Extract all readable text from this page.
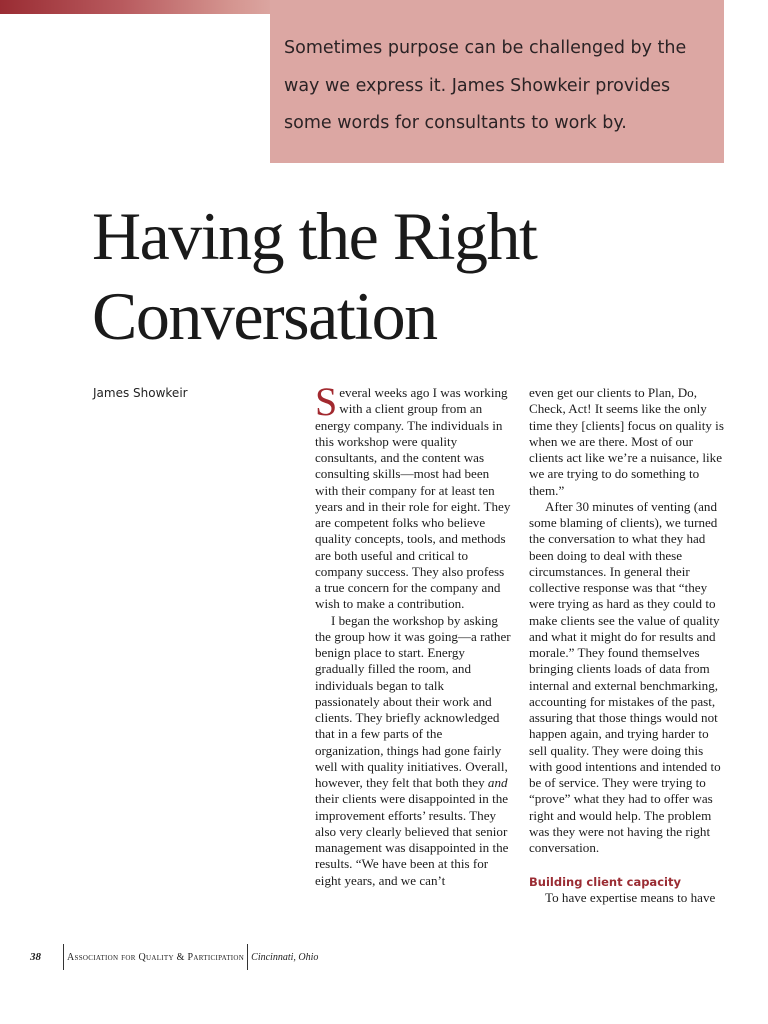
Sometimes purpose can be challenged by the way we express it. James Showkeir provides some words for consultants to work by.

Having the Right Conversation
James Showkeir	Several weeks ago I was working with a client group from an energy company. The individuals in this workshop were quality consultants, and the content was consulting skills—most had been with their company for at least ten years and in their role for eight. They are competent folks who believe quality concepts, tools, and methods are both useful and critical to company success. They also profess a true concern for the company and wish to make a contribution.

I began the workshop by asking the group how it was going—a rather benign place to start. Energy gradually filled the room, and individuals began to talk passionately about their work and clients. They briefly acknowledged that in a few parts of the organization, things had gone fairly well with quality initiatives. Overall, however, they felt that both they and their clients were disappointed in the improvement efforts’ results. They also very clearly believed that senior management was disappointed in the results. “We have been at this for eight years, and we can’t

even get our clients to Plan, Do, Check, Act! It seems like the only time they [clients] focus on quality is when we are there. Most of our clients act like we’re a nuisance, like we are trying to do something to them.”

After 30 minutes of venting (and some blaming of clients), we turned the conversation to what they had been doing to deal with these circumstances. In general their collective response was that “they were trying as hard as they could to make clients see the value of quality and what it might do for results and morale.” They found themselves bringing clients loads of data from internal and external benchmarking, accounting for mistakes of the past, assuring that those things would not happen again, and trying harder to sell quality. They were doing this with good intentions and intended to be of service. They were trying to “prove” what they had to offer was right and would help. The problem was they were not having the right conversation.

Building client capacity

To have expertise means to have

38	Association for Quality & Participation Cincinnati, Ohio
